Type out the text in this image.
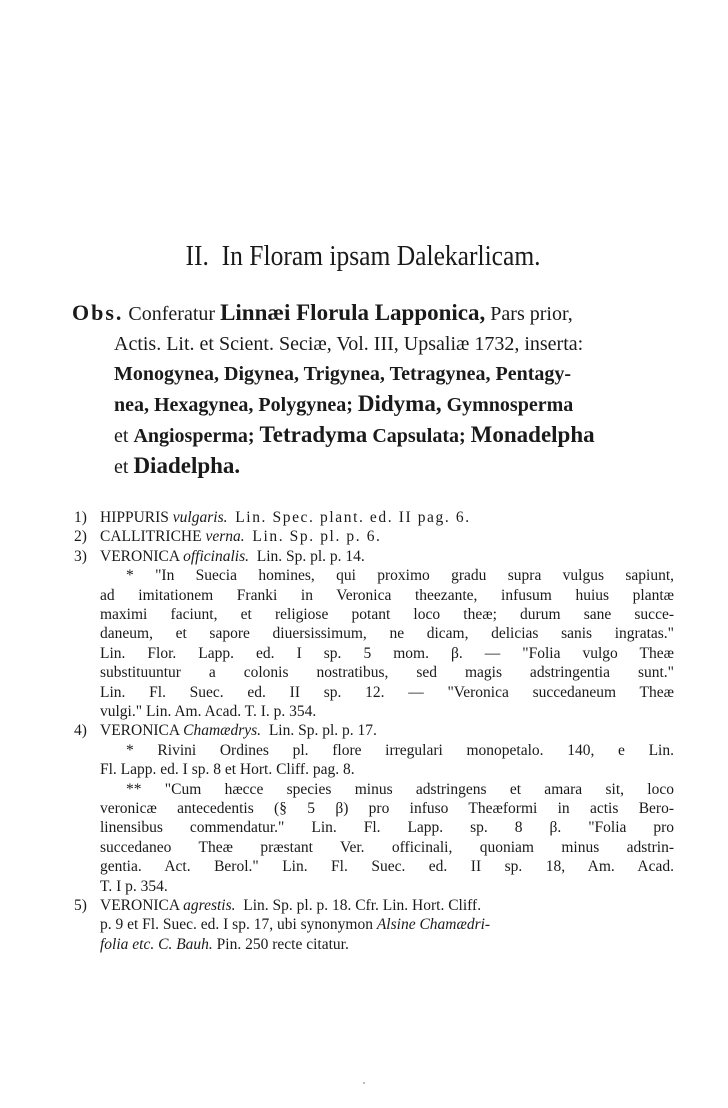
II. In Floram ipsam Dalekarlicam.
Obs. Conferatur Linnæi Florula Lapponica, Pars prior,
Actis. Lit. et Scient. Seciæ, Vol. III, Upsaliæ 1732, inserta:
Monogynea, Digynea, Trigynea, Tetragynea, Pentagy-
nea, Hexagynea, Polygynea; Didyma, Gymnosperma
et Angiosperma; Tetradyma Capsulata; Monadelpha
et Diadelpha.
1) HIPPURIS vulgaris. Lin. Spec. plant. ed. II pag. 6.
2) CALLITRICHE verna. Lin. Sp. pl. p. 6.
3) VERONICA officinalis. Lin. Sp. pl. p. 14.
* "In Suecia homines, qui proximo gradu supra vulgus sapiunt,
ad imitationem Franki in Veronica theezante, infusum huius plantæ
maximi faciunt, et religiose potant loco theæ; durum sane succe-
daneum, et sapore diuersissimum, ne dicam, delicias sanis ingratas."
Lin. Flor. Lapp. ed. I sp. 5 mom. β. — "Folia vulgo Theæ
substituuntur a colonis nostratibus, sed magis adstringentia sunt."
Lin. Fl. Suec. ed. II sp. 12. — "Veronica succedaneum Theæ
vulgi." Lin. Am. Acad. T. I. p. 354.
4) VERONICA Chamædrys. Lin. Sp. pl. p. 17.
* Rivini Ordines pl. flore irregulari monopetalo. 140, e Lin.
Fl. Lapp. ed. I sp. 8 et Hort. Cliff. pag. 8.
** "Cum hæcce species minus adstringens et amara sit, loco
veronicæ antecedentis (§ 5 β) pro infuso Theæformi in actis Bero-
linensibus commendatur." Lin. Fl. Lapp. sp. 8 β. "Folia pro
succedaneo Theæ præstant Ver. officinali, quoniam minus adstrin-
gentia. Act. Berol." Lin. Fl. Suec. ed. II sp. 18, Am. Acad.
T. I p. 354.
5) VERONICA agrestis. Lin. Sp. pl. p. 18. Cfr. Lin. Hort. Cliff.
p. 9 et Fl. Suec. ed. I sp. 17, ubi synonymon Alsine Chamædri-
folia etc. C. Bauh. Pin. 250 recte citatur.
